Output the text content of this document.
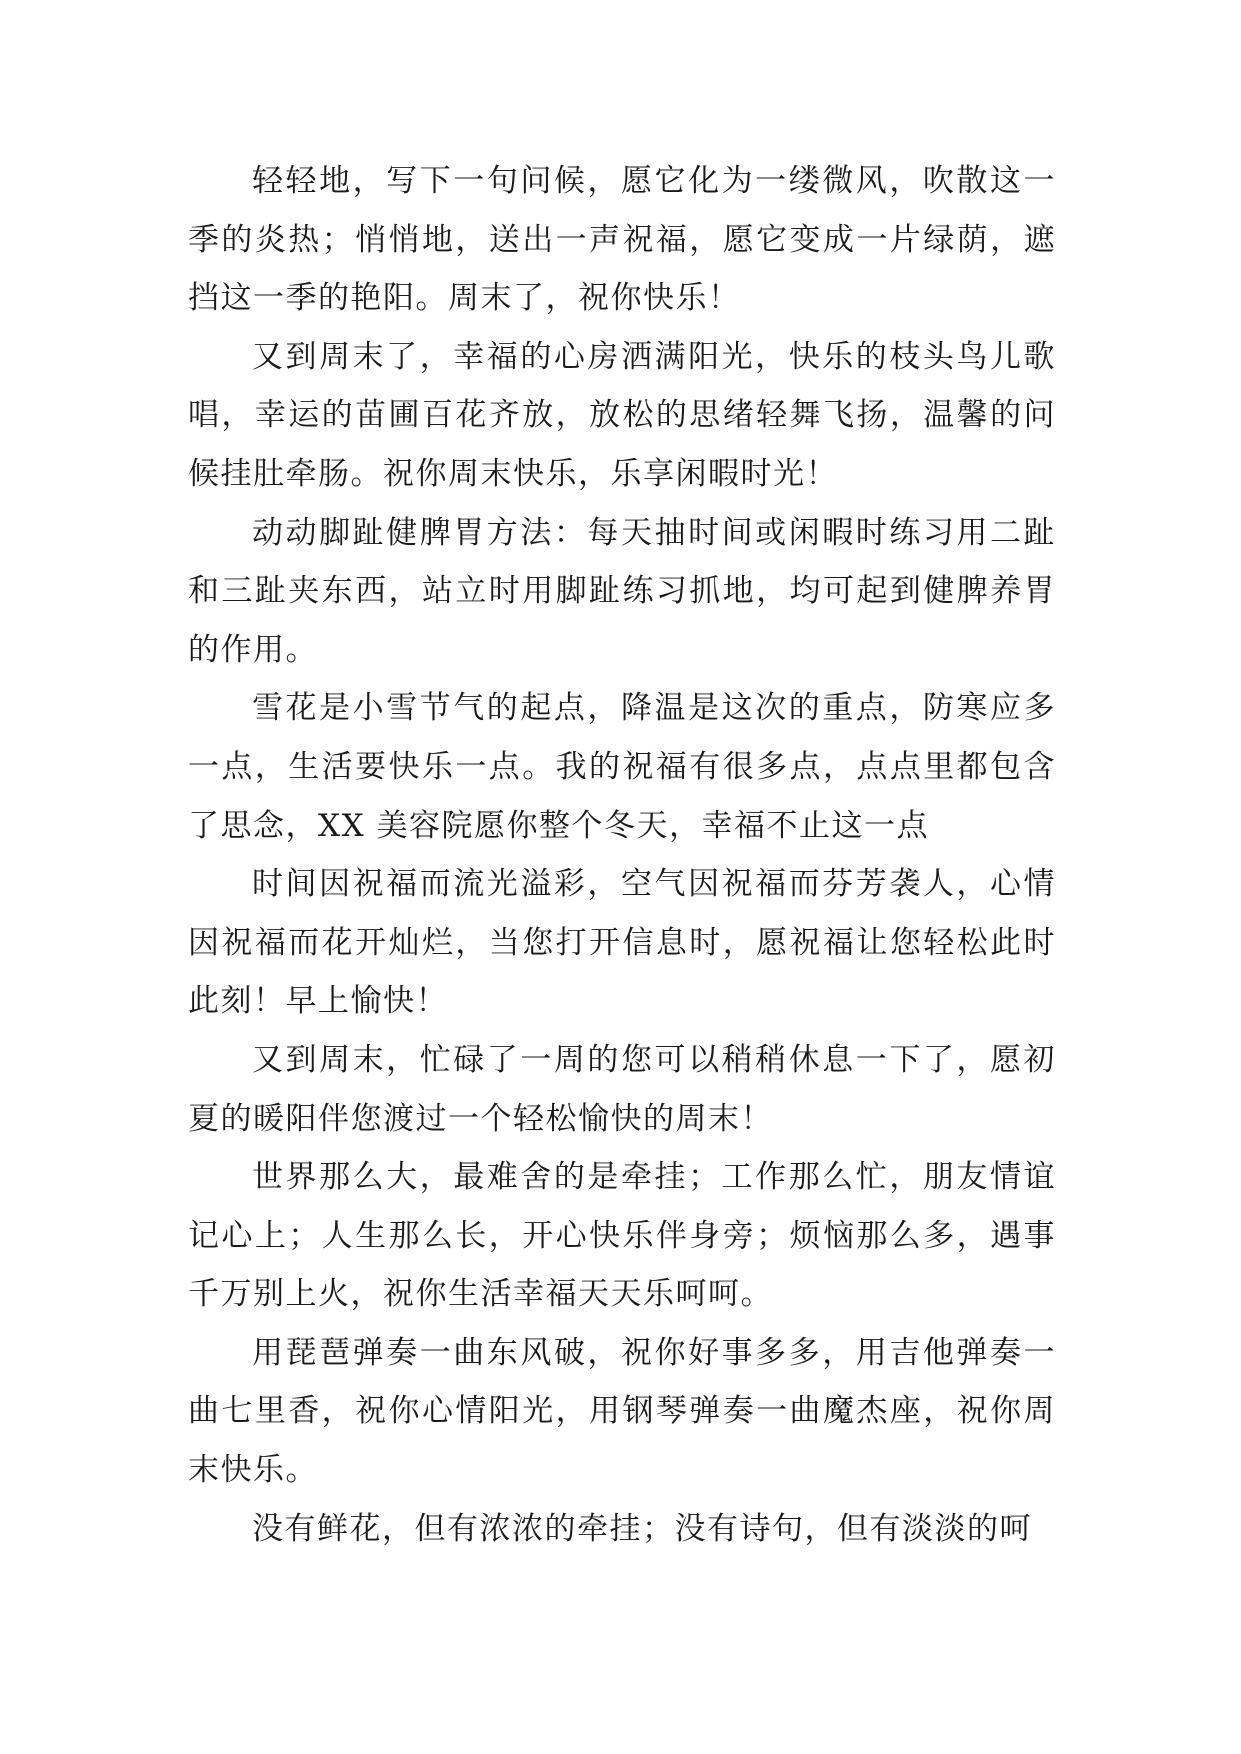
轻轻地，写下一句问候，愿它化为一缕微风，吹散这一季的炎热；悄悄地，送出一声祝福，愿它变成一片绿荫，遮挡这一季的艳阳。周末了，祝你快乐！

又到周末了，幸福的心房洒满阳光，快乐的枝头鸟儿歌唱，幸运的苗圃百花齐放，放松的思绪轻舞飞扬，温馨的问候挂肚牵肠。祝你周末快乐，乐享闲暇时光！

动动脚趾健脾胃方法：每天抽时间或闲暇时练习用二趾和三趾夹东西，站立时用脚趾练习抓地，均可起到健脾养胃的作用。

雪花是小雪节气的起点，降温是这次的重点，防寒应多一点，生活要快乐一点。我的祝福有很多点，点点里都包含了思念，XX 美容院愿你整个冬天，幸福不止这一点

时间因祝福而流光溢彩，空气因祝福而芬芳袭人，心情因祝福而花开灿烂，当您打开信息时，愿祝福让您轻松此时此刻！早上愉快！

又到周末，忙碌了一周的您可以稍稍休息一下了，愿初夏的暖阳伴您渡过一个轻松愉快的周末！

世界那么大，最难舍的是牵挂；工作那么忙，朋友情谊记心上；人生那么长，开心快乐伴身旁；烦恼那么多，遇事千万别上火，祝你生活幸福天天乐呵呵。

用琵琶弹奏一曲东风破，祝你好事多多，用吉他弹奏一曲七里香，祝你心情阳光，用钢琴弹奏一曲魔杰座，祝你周末快乐。

没有鲜花，但有浓浓的牵挂；没有诗句，但有淡淡的呵
